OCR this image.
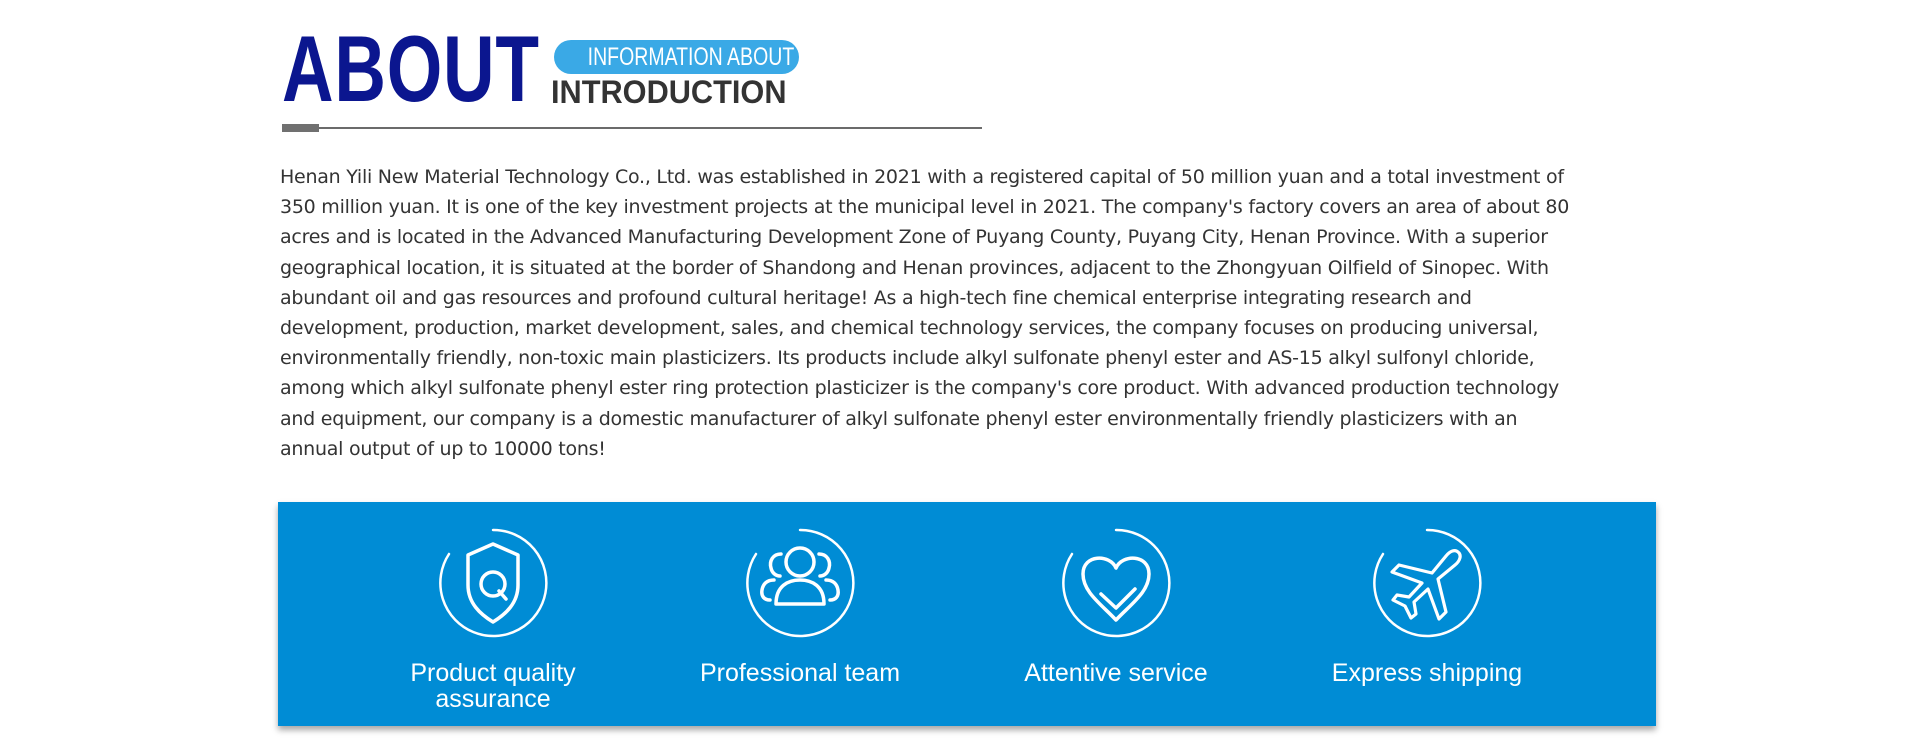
ABOUT	INFORMATION ABOUT US
INTRODUCTION

Henan Yili New Material Technology Co., Ltd. was established in 2021 with a registered capital of 50 million yuan and a total investment of 350 million yuan. It is one of the key investment projects at the municipal level in 2021. The company's factory covers an area of about 80 acres and is located in the Advanced Manufacturing Development Zone of Puyang County, Puyang City, Henan Province. With a superior geographical location, it is situated at the border of Shandong and Henan provinces, adjacent to the Zhongyuan Oilfield of Sinopec. With abundant oil and gas resources and profound cultural heritage! As a high-tech fine chemical enterprise integrating research and development, production, market development, sales, and chemical technology services, the company focuses on producing universal, environmentally friendly, non-toxic main plasticizers. Its products include alkyl sulfonate phenyl ester and AS-15 alkyl sulfonyl chloride, among which alkyl sulfonate phenyl ester ring protection plasticizer is the company's core product. With advanced production technology and equipment, our company is a domestic manufacturer of alkyl sulfonate phenyl ester environmentally friendly plasticizers with an annual output of up to 10000 tons!

Product quality assurance
Professional team	Attentive service	Express shipping
